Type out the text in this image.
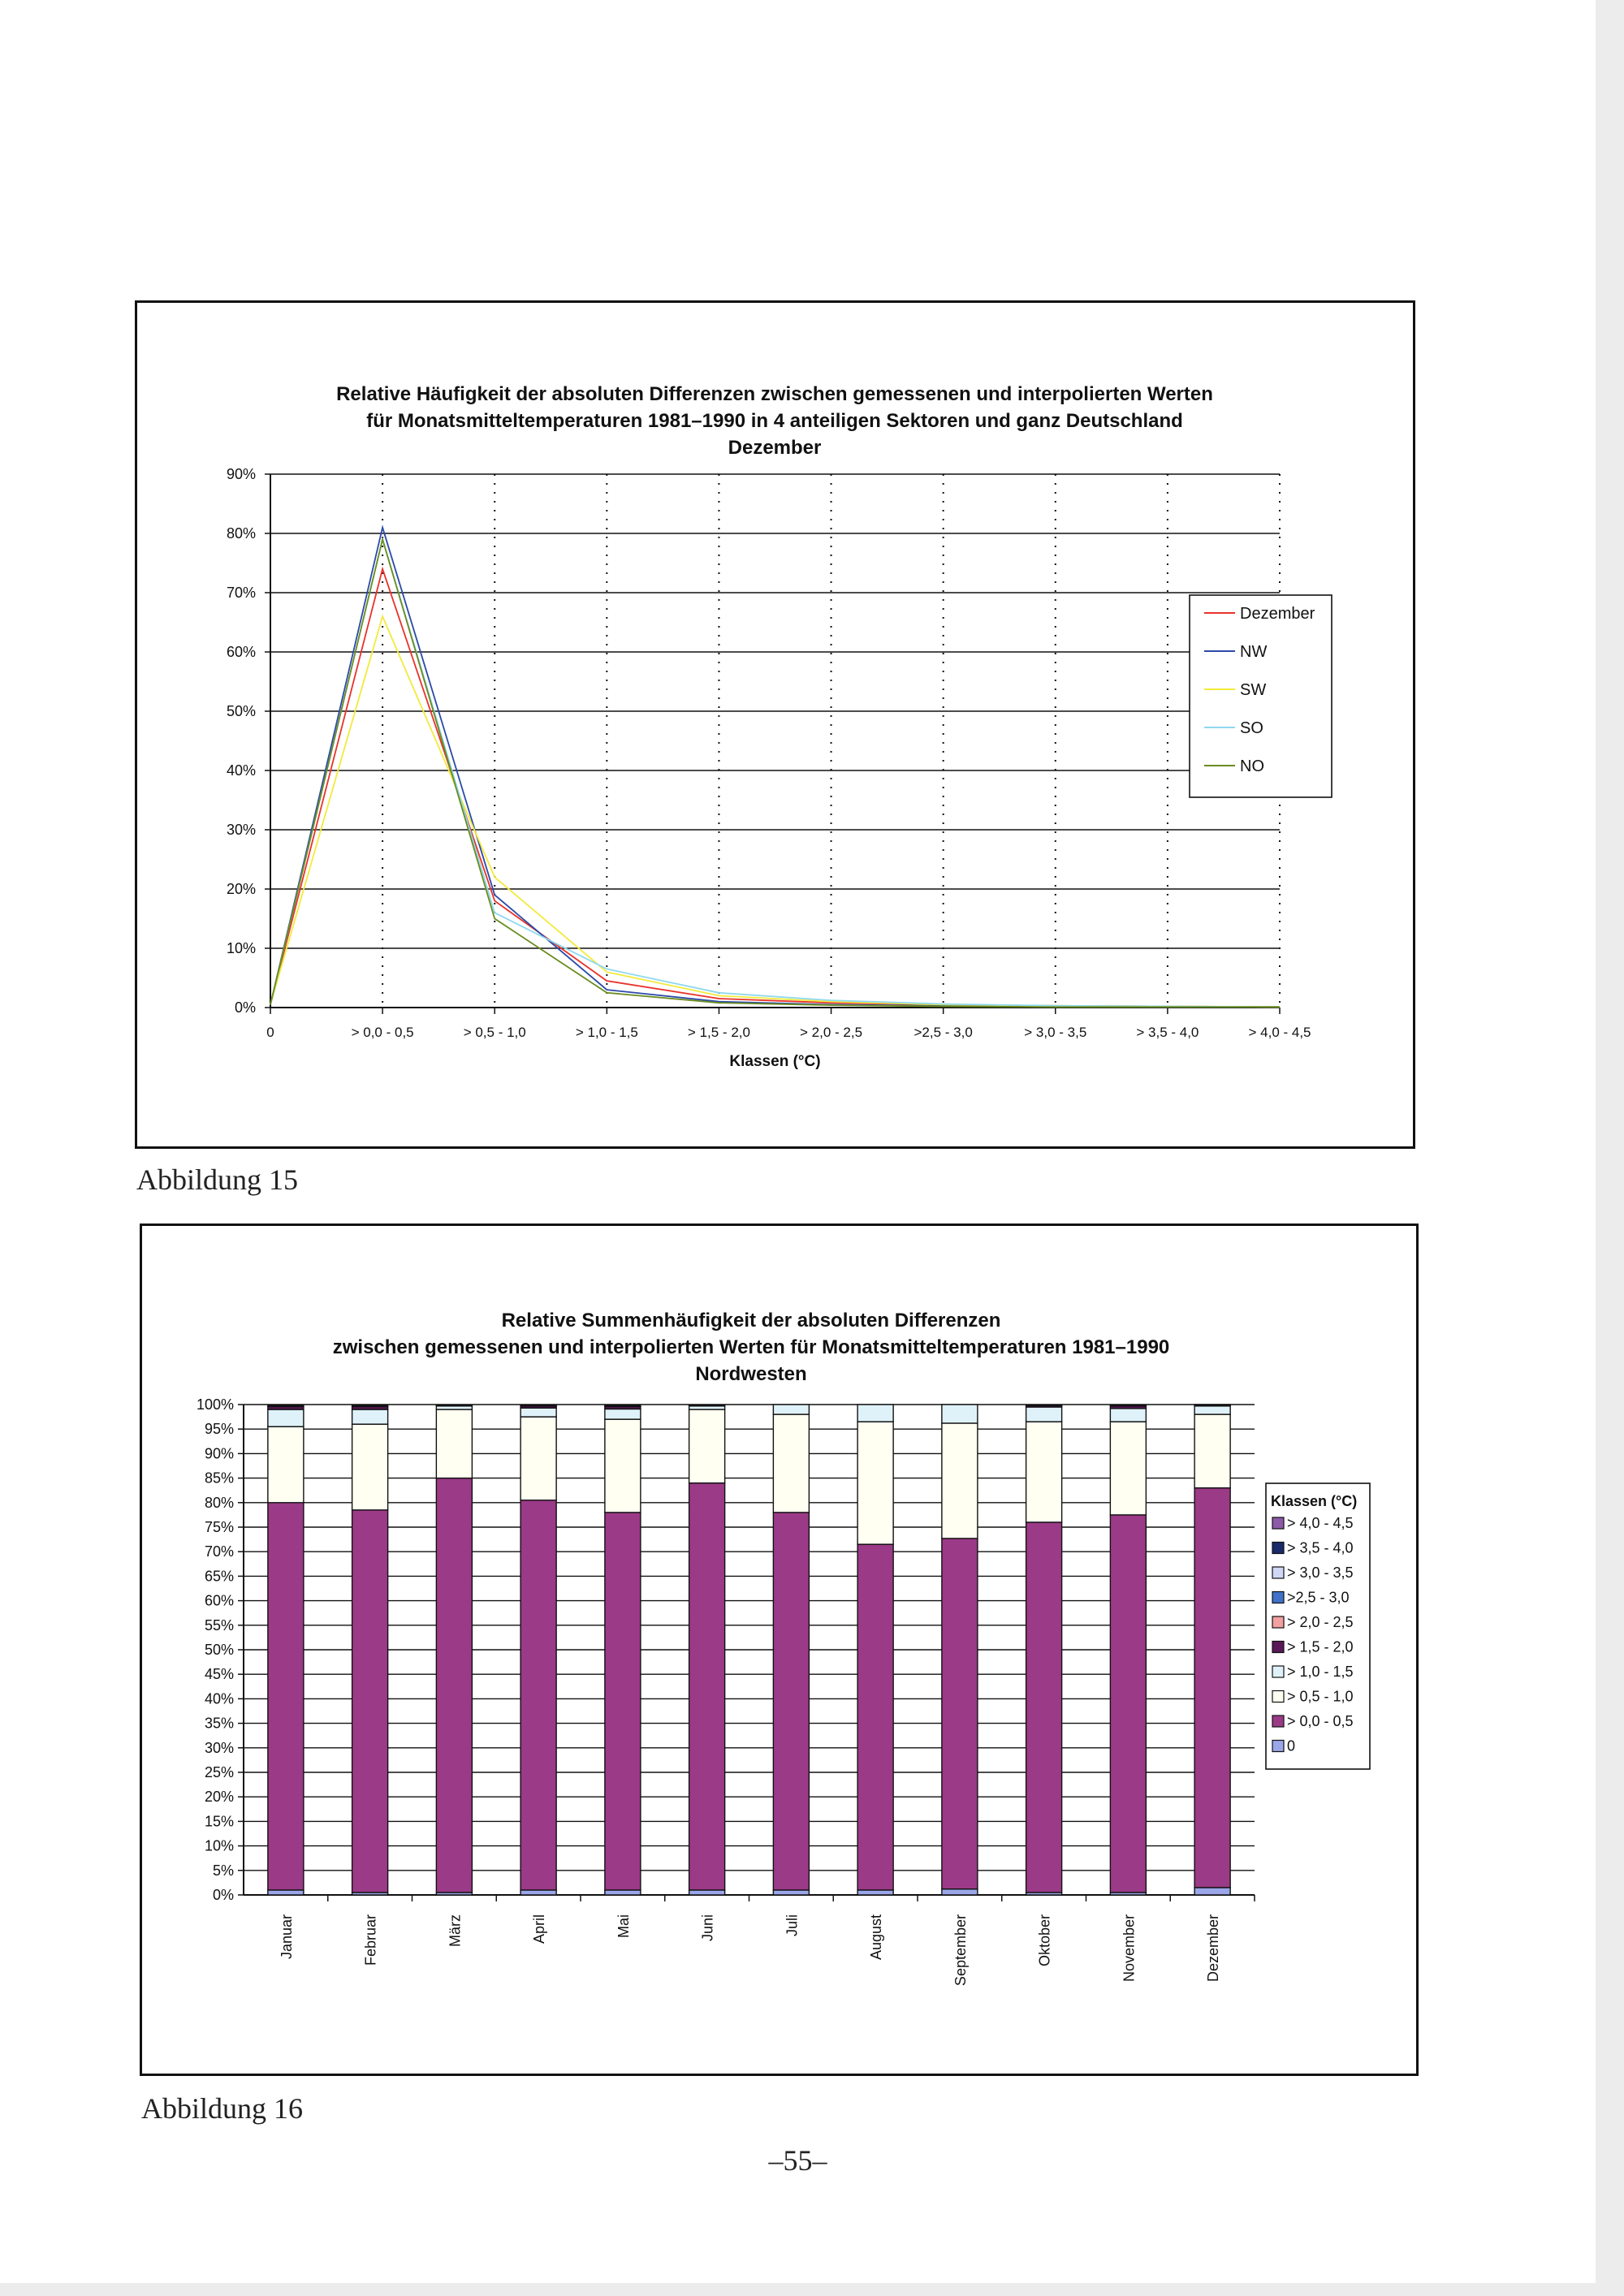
Relative Häufigkeit der absoluten Differenzen zwischen gemessenen und interpolierten Werten
für Monatsmitteltemperaturen 1981–1990 in 4 anteiligen Sektoren und ganz Deutschland
Dezember
0%
10%
20%
30%
40%
50%
60%
70%
80%
90%
0	> 0,0 - 0,5	> 0,5 - 1,0	> 1,0 - 1,5	> 1,5 - 2,0	> 2,0 - 2,5	>2,5 - 3,0	> 3,0 - 3,5	> 3,5 - 4,0	> 4,0 - 4,5
Klassen (°C)
Dezember
NW
SW
SO
NO
Abbildung 15
Relative Summenhäufigkeit der absoluten Differenzen
zwischen gemessenen und interpolierten Werten für Monatsmitteltemperaturen 1981–1990
Nordwesten
0%
5%
10%
15%
20%
25%
30%
35%
40%
45%
50%
55%
60%
65%
70%
75%
80%
85%
90%
95%
100%
Januar	Februar	März	April	Mai	Juni	Juli	August	September	Oktober	November	Dezember
Klassen (°C)
> 4,0 - 4,5
> 3,5 - 4,0
> 3,0 - 3,5
>2,5 - 3,0
> 2,0 - 2,5
> 1,5 - 2,0
> 1,0 - 1,5
> 0,5 - 1,0
> 0,0 - 0,5
0
Abbildung 16
–55–
